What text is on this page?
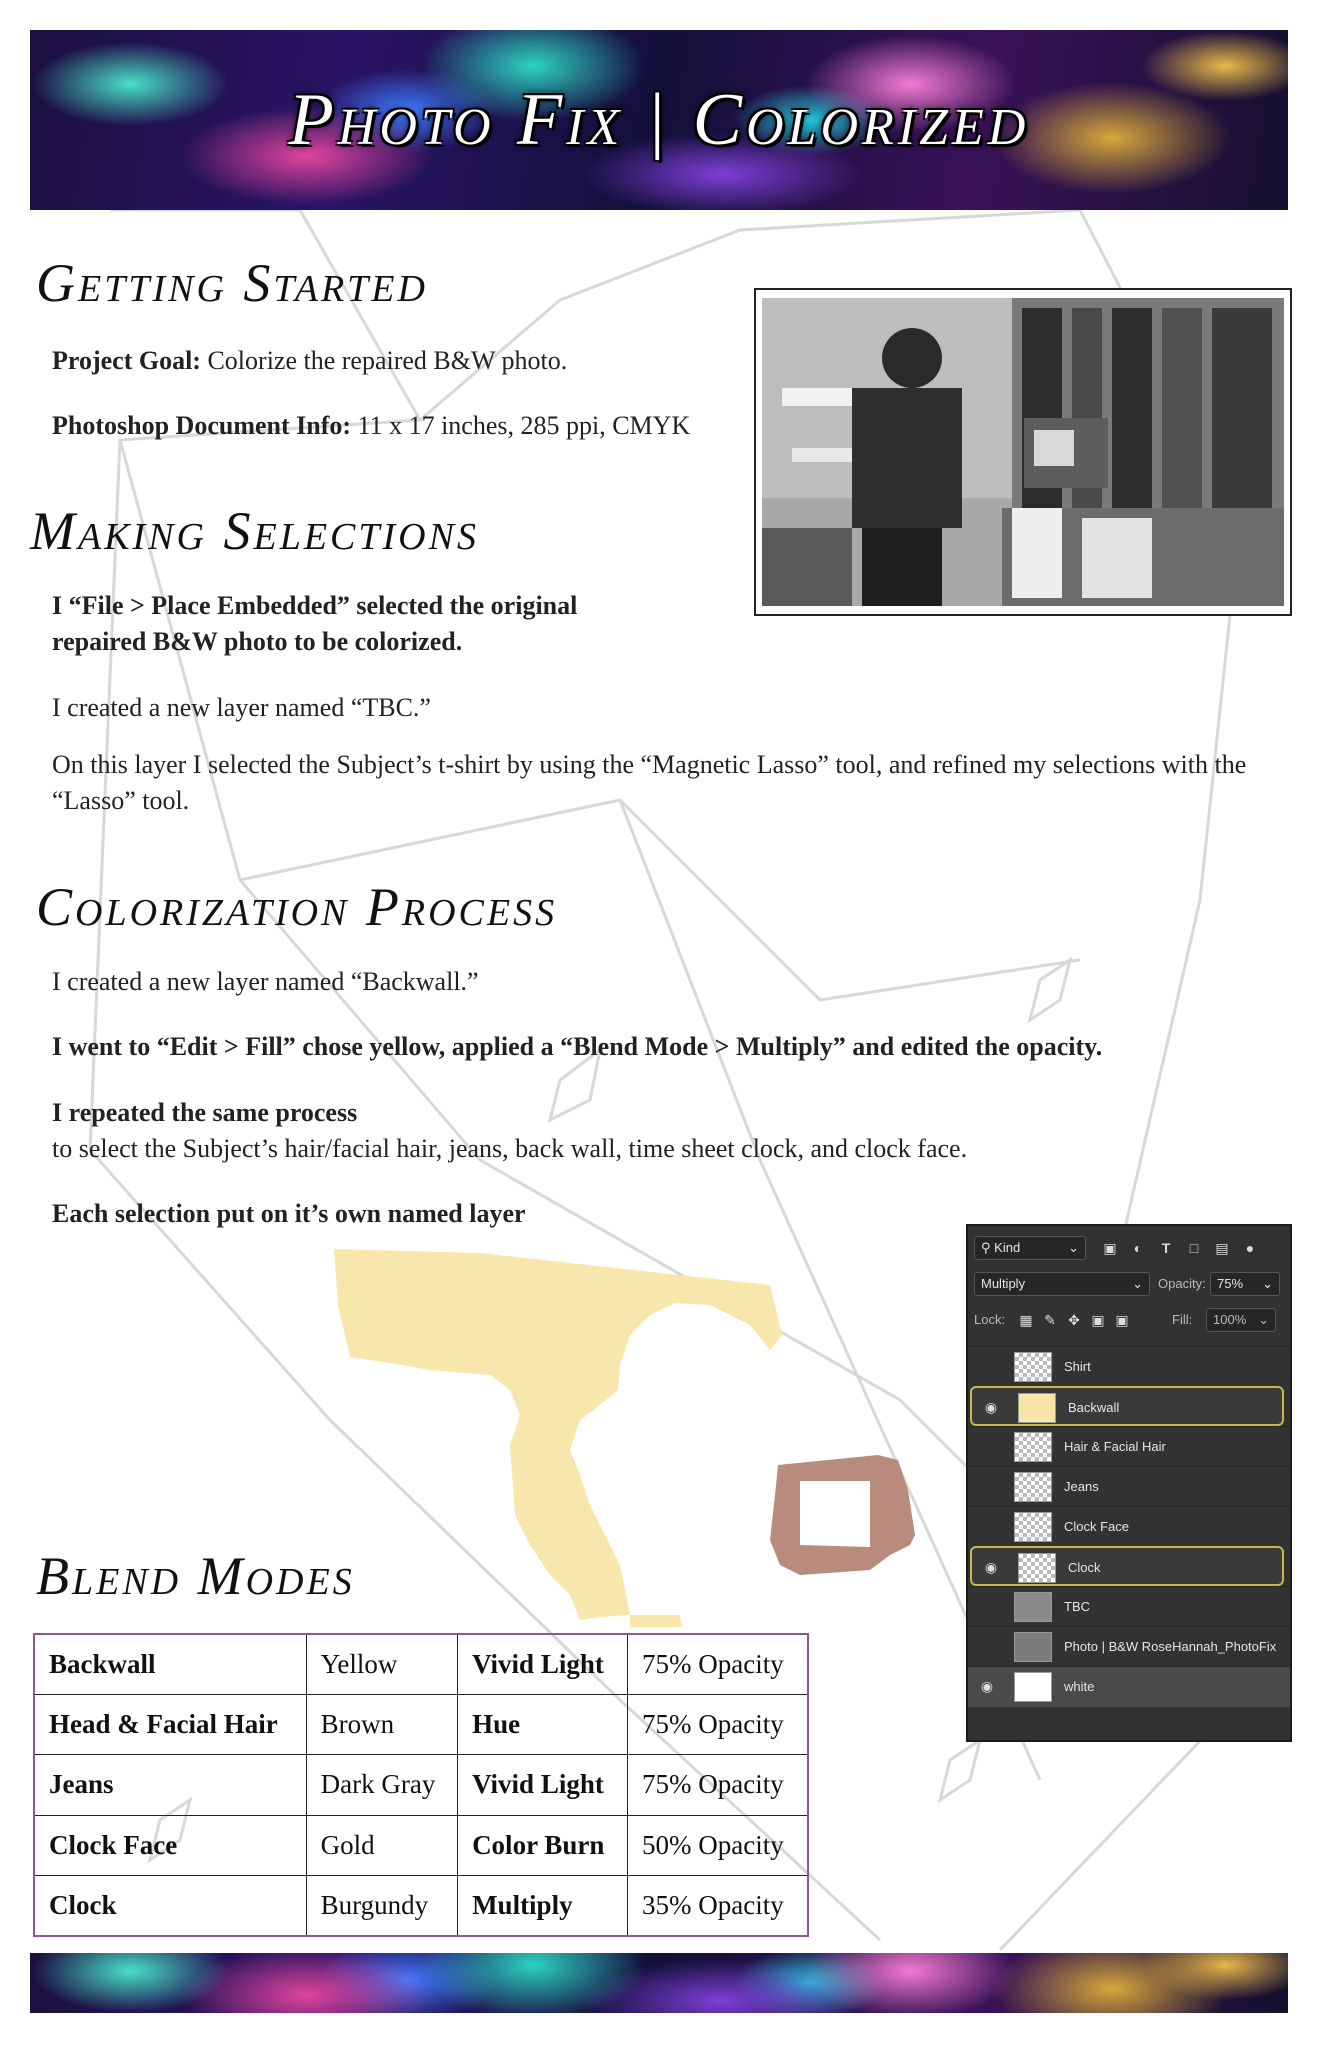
Photo Fix | Colorized
Getting Started
Project Goal: Colorize the repaired B&W photo.
Photoshop Document Info: 11 x 17 inches, 285 ppi, CMYK
Making Selections
I “File > Place Embedded” selected the original repaired B&W photo to be colorized.
I created a new layer named “TBC.”
On this layer I selected the Subject’s t-shirt by using the “Magnetic Lasso” tool, and refined my selections with the “Lasso” tool.
Colorization Process
I created a new layer named “Backwall.”
I went to “Edit > Fill” chose yellow, applied a “Blend Mode > Multiply” and edited the opacity.
I repeated the same process
to select the Subject’s hair/facial hair, jeans, back wall, time sheet clock, and clock face.
Each selection put on it’s own named layer
Blend Modes
Backwall	Yellow	Vivid Light	75% Opacity
Head & Facial Hair	Brown	Hue	75% Opacity
Jeans	Dark Gray	Vivid Light	75% Opacity
Clock Face	Gold	Color Burn	50% Opacity
Clock	Burgundy	Multiply	35% Opacity
⚲ Kind	⌄ ▣ ◐ T □ ▤ ●
Multiply	⌄ Opacity: 75% ⌄
Lock: ▦ ✎ ✥ ▣ ▣	Fill:	100% ⌄
Shirt
◉	Backwall
Hair & Facial Hair
Jeans
Clock Face
◉	Clock
TBC
Photo | B&W RoseHannah_PhotoFix
◉	white
